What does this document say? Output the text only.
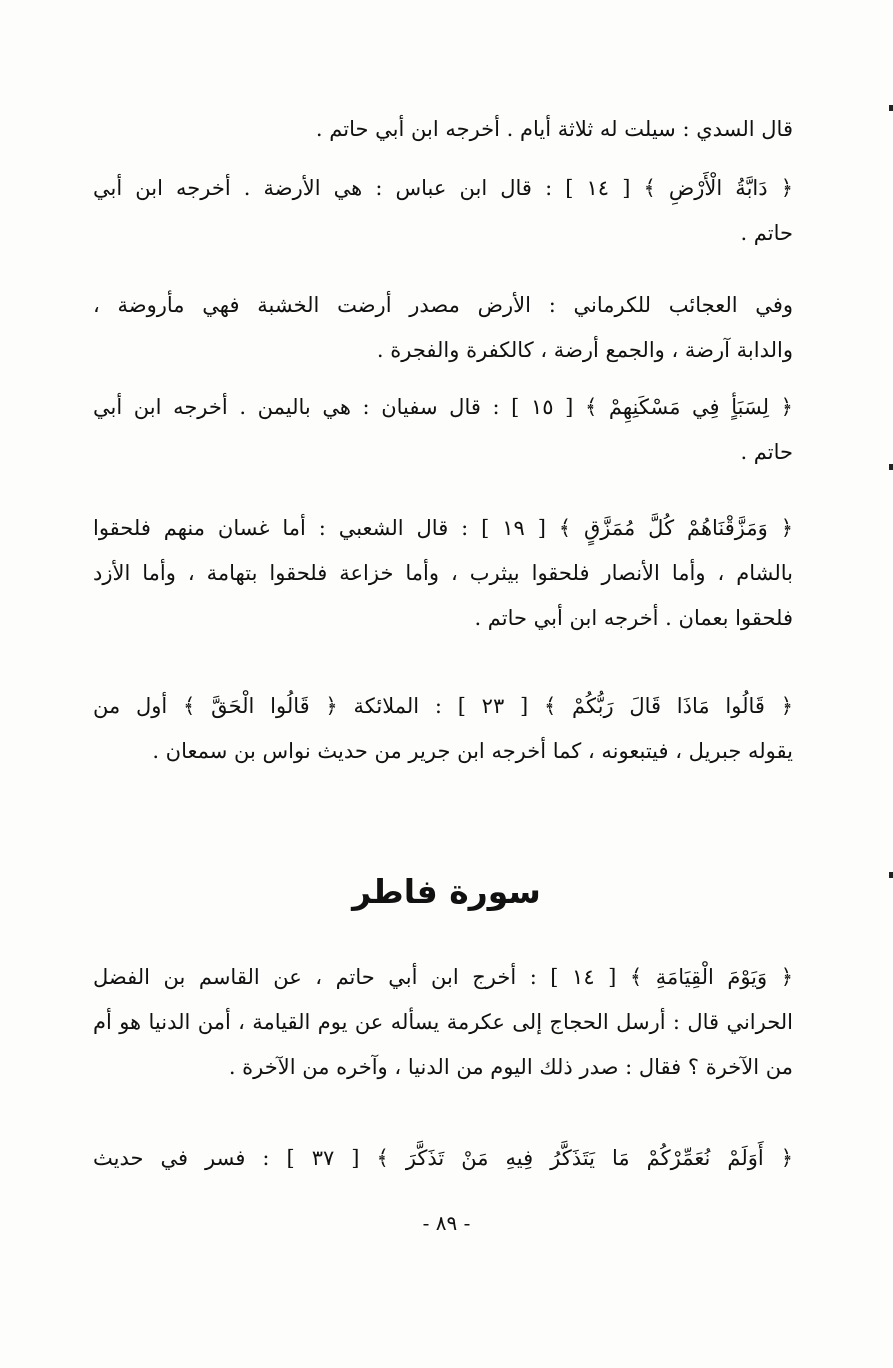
قال السدي : سيلت له ثلاثة أيام . أخرجه ابن أبي حاتم .

﴿ دَابَّةُ الْأَرْضِ ﴾ [ ١٤ ] : قال ابن عباس : هي الأرضة . أخرجه ابن أبي
حاتم .

وفي العجائب للكرماني : الأرض مصدر أرضت الخشبة فهي مأروضة ،
والدابة آرضة ، والجمع أرضة ، كالكفرة والفجرة .

﴿ لِسَبَأٍ فِي مَسْكَنِهِمْ ﴾ [ ١٥ ] : قال سفيان : هي باليمن . أخرجه ابن أبي
حاتم .

﴿ وَمَزَّقْنَاهُمْ كُلَّ مُمَزَّقٍ ﴾ [ ١٩ ] : قال الشعبي : أما غسان منهم فلحقوا
بالشام ، وأما الأنصار فلحقوا بيثرب ، وأما خزاعة فلحقوا بتهامة ، وأما الأزد
فلحقوا بعمان . أخرجه ابن أبي حاتم .

﴿ قَالُوا مَاذَا قَالَ رَبُّكُمْ ﴾ [ ٢٣ ] : الملائكة ﴿ قَالُوا الْحَقَّ ﴾ أول من
يقوله جبريل ، فيتبعونه ، كما أخرجه ابن جرير من حديث نواس بن سمعان .

سورة فاطر

﴿ وَيَوْمَ الْقِيَامَةِ ﴾ [ ١٤ ] : أخرج ابن أبي حاتم ، عن القاسم بن الفضل
الحراني قال : أرسل الحجاج إلى عكرمة يسأله عن يوم القيامة ، أمن الدنيا هو أم
من الآخرة ؟ فقال : صدر ذلك اليوم من الدنيا ، وآخره من الآخرة .

﴿ أَوَلَمْ نُعَمِّرْكُمْ مَا يَتَذَكَّرُ فِيهِ مَنْ تَذَكَّرَ ﴾ [ ٣٧ ] : فسر في حديث

- ٨٩ -
